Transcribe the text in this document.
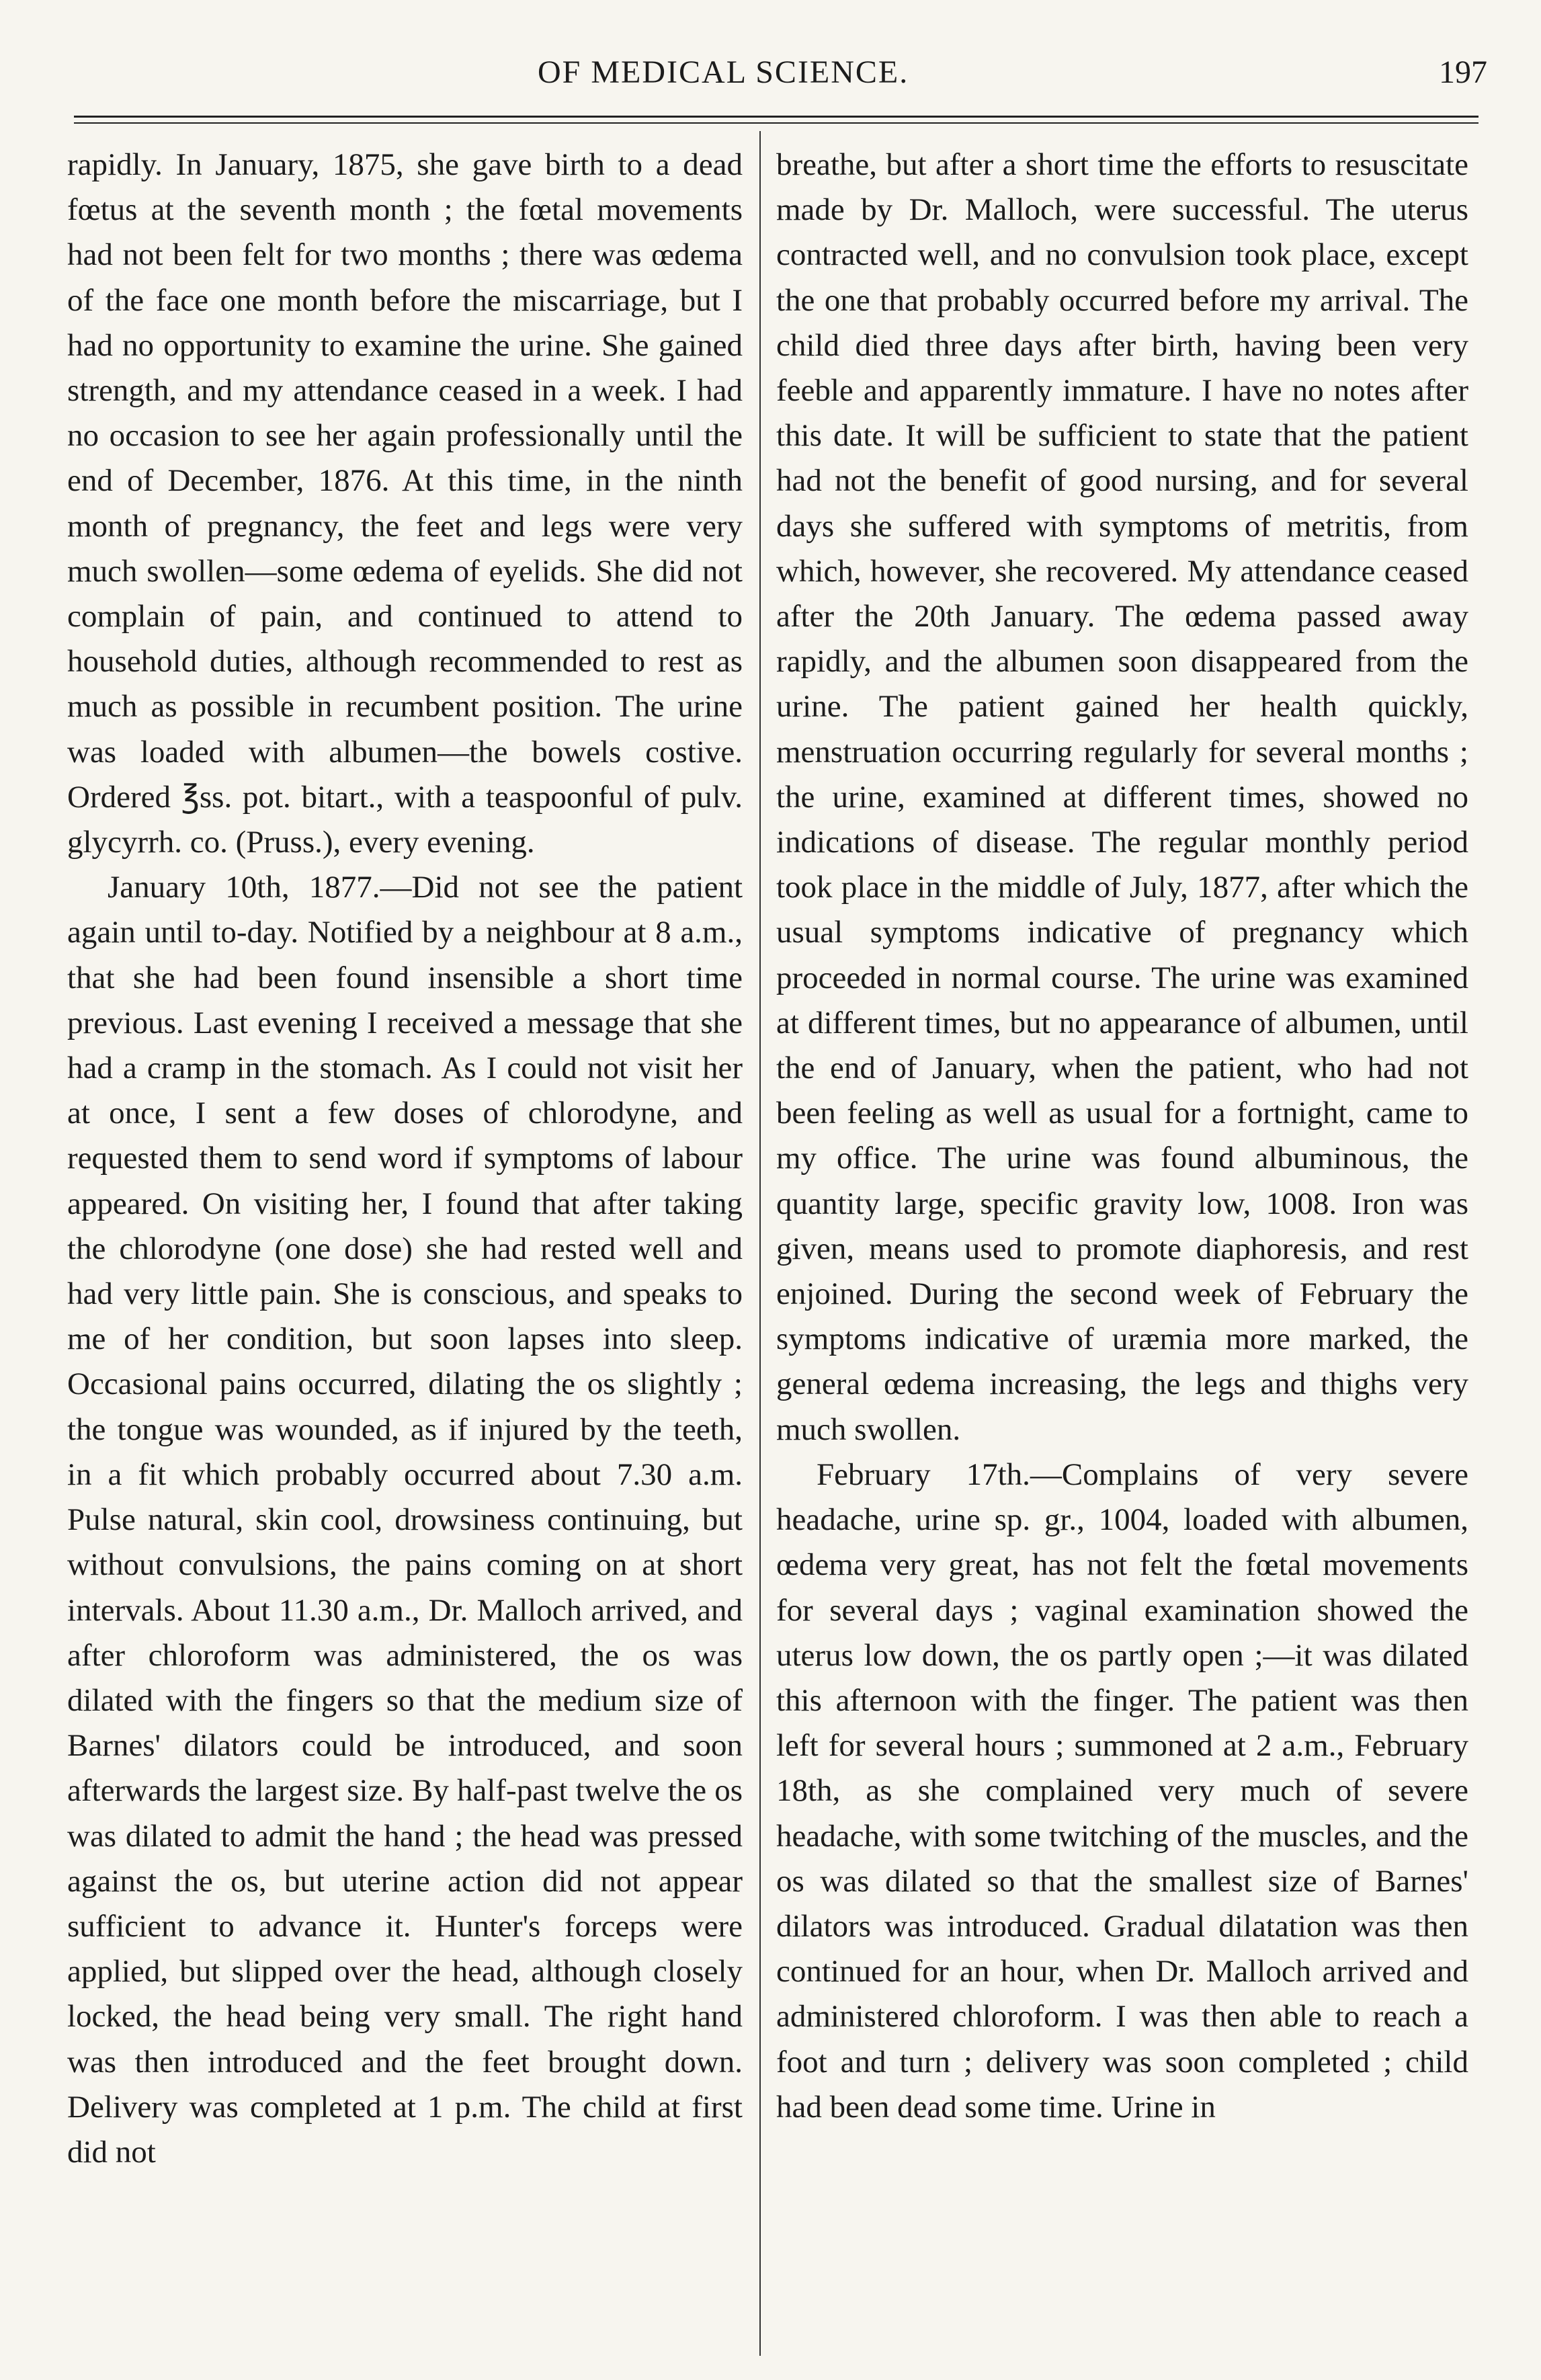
OF MEDICAL SCIENCE.	197

rapidly. In January, 1875, she gave birth to a dead fœtus at the seventh month ; the fœtal movements had not been felt for two months ; there was œdema of the face one month before the miscarriage, but I had no opportunity to examine the urine. She gained strength, and my attendance ceased in a week. I had no occasion to see her again professionally until the end of December, 1876. At this time, in the ninth month of pregnancy, the feet and legs were very much swollen—some œdema of eyelids. She did not complain of pain, and continued to attend to household duties, although recommended to rest as much as possible in recumbent position. The urine was loaded with albumen—the bowels costive. Ordered ℥ss. pot. bitart., with a teaspoonful of pulv. glycyrrh. co. (Pruss.), every evening.

January 10th, 1877.—Did not see the patient again until to-day. Notified by a neighbour at 8 a.m., that she had been found insensible a short time previous. Last evening I received a message that she had a cramp in the stomach. As I could not visit her at once, I sent a few doses of chlorodyne, and requested them to send word if symptoms of labour appeared. On visiting her, I found that after taking the chlorodyne (one dose) she had rested well and had very little pain. She is conscious, and speaks to me of her condition, but soon lapses into sleep. Occasional pains occurred, dilating the os slightly ; the tongue was wounded, as if injured by the teeth, in a fit which probably occurred about 7.30 a.m. Pulse natural, skin cool, drowsiness continuing, but without convulsions, the pains coming on at short intervals. About 11.30 a.m., Dr. Malloch arrived, and after chloroform was administered, the os was dilated with the fingers so that the medium size of Barnes' dilators could be introduced, and soon afterwards the largest size. By half-past twelve the os was dilated to admit the hand ; the head was pressed against the os, but uterine action did not appear sufficient to advance it. Hunter's forceps were applied, but slipped over the head, although closely locked, the head being very small. The right hand was then introduced and the feet brought down. Delivery was completed at 1 p.m. The child at first did not

breathe, but after a short time the efforts to resuscitate made by Dr. Malloch, were successful. The uterus contracted well, and no convulsion took place, except the one that probably occurred before my arrival. The child died three days after birth, having been very feeble and apparently immature. I have no notes after this date. It will be sufficient to state that the patient had not the benefit of good nursing, and for several days she suffered with symptoms of metritis, from which, however, she recovered. My attendance ceased after the 20th January. The œdema passed away rapidly, and the albumen soon disappeared from the urine. The patient gained her health quickly, menstruation occurring regularly for several months ; the urine, examined at different times, showed no indications of disease. The regular monthly period took place in the middle of July, 1877, after which the usual symptoms indicative of pregnancy which proceeded in normal course. The urine was examined at different times, but no appearance of albumen, until the end of January, when the patient, who had not been feeling as well as usual for a fortnight, came to my office. The urine was found albuminous, the quantity large, specific gravity low, 1008. Iron was given, means used to promote diaphoresis, and rest enjoined. During the second week of February the symptoms indicative of uræmia more marked, the general œdema increasing, the legs and thighs very much swollen.

February 17th.—Complains of very severe headache, urine sp. gr., 1004, loaded with albumen, œdema very great, has not felt the fœtal movements for several days ; vaginal examination showed the uterus low down, the os partly open ;—it was dilated this afternoon with the finger. The patient was then left for several hours ; summoned at 2 a.m., February 18th, as she complained very much of severe headache, with some twitching of the muscles, and the os was dilated so that the smallest size of Barnes' dilators was introduced. Gradual dilatation was then continued for an hour, when Dr. Malloch arrived and administered chloroform. I was then able to reach a foot and turn ; delivery was soon completed ; child had been dead some time. Urine in
